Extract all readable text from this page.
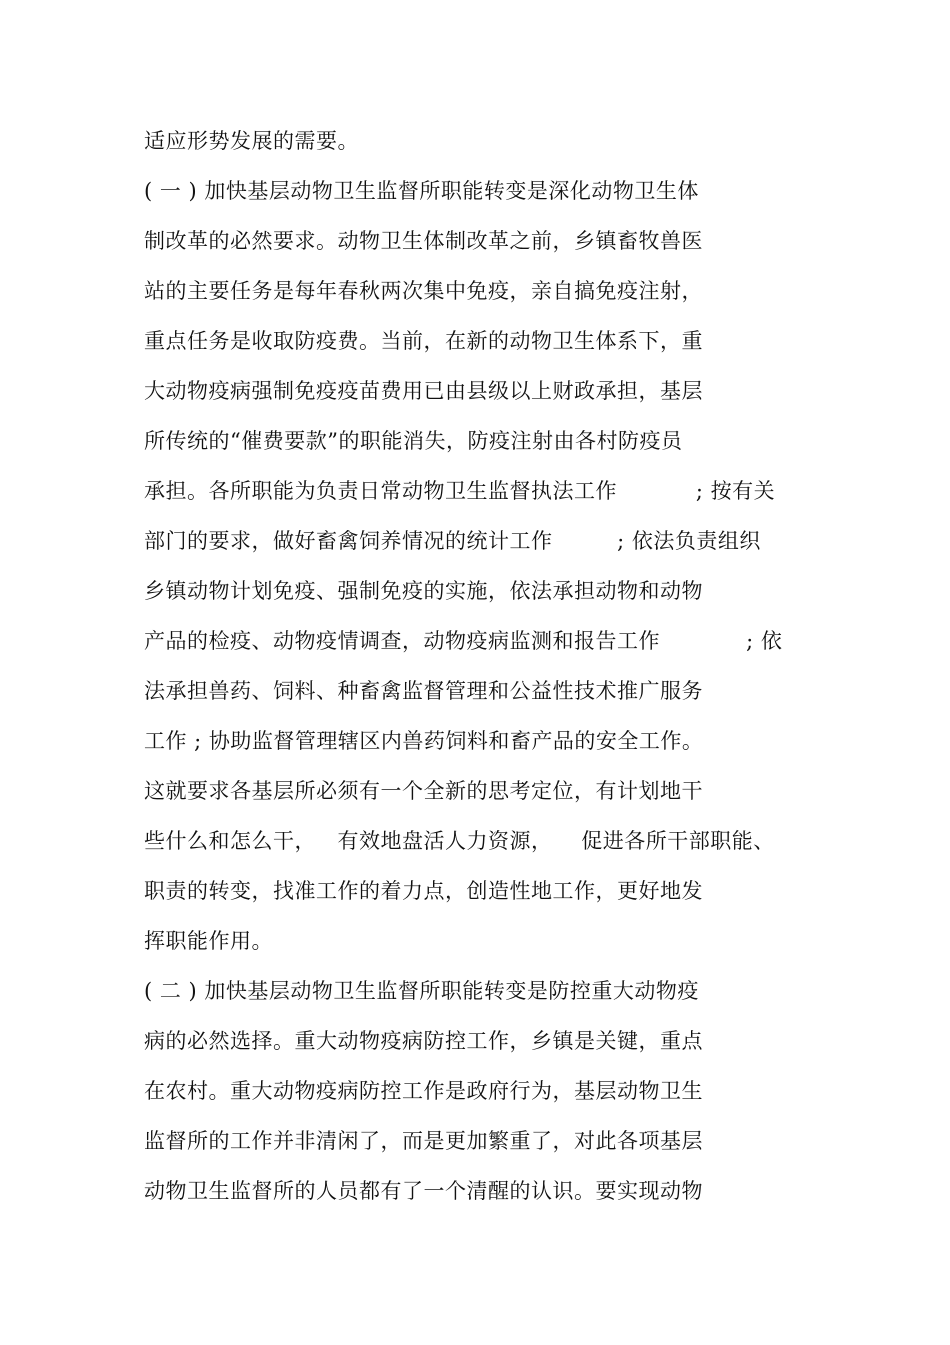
适应形势发展的需要。
( 一 ) 加快基层动物卫生监督所职能转变是深化动物卫生体
制改革的必然要求。动物卫生体制改革之前，乡镇畜牧兽医
站的主要任务是每年春秋两次集中免疫，亲自搞免疫注射，
重点任务是收取防疫费。当前，在新的动物卫生体系下，重
大动物疫病强制免疫疫苗费用已由县级以上财政承担，基层
所传统的“催费要款”的职能消失，防疫注射由各村防疫员
承担。各所职能为负责日常动物卫生监督执法工作           ; 按有关
部门的要求，做好畜禽饲养情况的统计工作         ; 依法负责组织
乡镇动物计划免疫、强制免疫的实施，依法承担动物和动物
产品的检疫、动物疫情调查，动物疫病监测和报告工作            ; 依
法承担兽药、饲料、种畜禽监督管理和公益性技术推广服务
工作 ; 协助监督管理辖区内兽药饲料和畜产品的安全工作。
这就要求各基层所必须有一个全新的思考定位，有计划地干
些什么和怎么干，   有效地盘活人力资源，    促进各所干部职能、
职责的转变，找准工作的着力点，创造性地工作，更好地发
挥职能作用。
( 二 ) 加快基层动物卫生监督所职能转变是防控重大动物疫
病的必然选择。重大动物疫病防控工作，乡镇是关键，重点
在农村。重大动物疫病防控工作是政府行为，基层动物卫生
监督所的工作并非清闲了，而是更加繁重了，对此各项基层
动物卫生监督所的人员都有了一个清醒的认识。要实现动物
